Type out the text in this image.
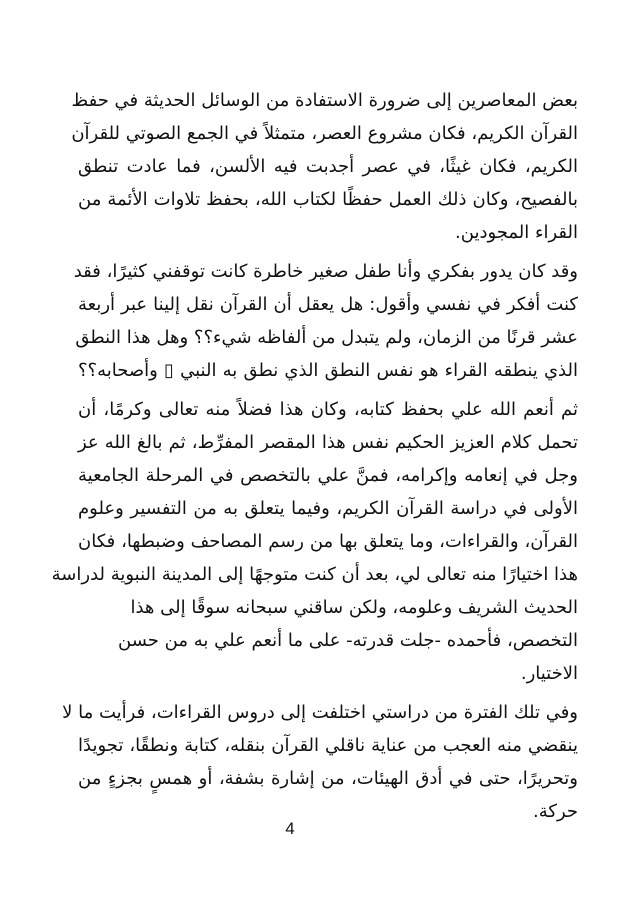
بعض المعاصرين إلى ضرورة الاستفادة من الوسائل الحديثة في حفظ
القرآن الكريم، فكان مشروع العصر، متمثلاً في الجمع الصوتي للقرآن
الكريم، فكان غيثًا، في عصر أجدبت فيه الألسن، فما عادت تنطق
بالفصيح، وكان ذلك العمل حفظًا لكتاب الله، بحفظ تلاوات الأئمة من
القراء المجودين.
وقد كان يدور بفكري وأنا طفل صغير خاطرة كانت توقفني كثيرًا، فقد
كنت أفكر في نفسي وأقول: هل يعقل أن القرآن نقل إلينا عبر أربعة
عشر قرنًا من الزمان، ولم يتبدل من ألفاظه شيء؟؟ وهل هذا النطق
الذي ينطقه القراء هو نفس النطق الذي نطق به النبي ▯ وأصحابه؟؟
ثم أنعم الله علي بحفظ كتابه، وكان هذا فضلاً منه تعالى وكرمًا، أن
تحمل كلام العزيز الحكيم نفس هذا المقصر المفرِّط، ثم بالغ الله عز
وجل في إنعامه وإكرامه، فمنَّ علي بالتخصص في المرحلة الجامعية
الأولى في دراسة القرآن الكريم، وفيما يتعلق به من التفسير وعلوم
القرآن، والقراءات، وما يتعلق بها من رسم المصاحف وضبطها، فكان
هذا اختيارًا منه تعالى لي، بعد أن كنت متوجهًا إلى المدينة النبوية لدراسة
الحديث الشريف وعلومه، ولكن ساقني سبحانه سوقًا إلى هذا
التخصص، فأحمده -جلت قدرته- على ما أنعم علي به من حسن
الاختيار.
وفي تلك الفترة من دراستي اختلفت إلى دروس القراءات، فرأيت ما لا
ينقضي منه العجب من عناية ناقلي القرآن بنقله، كتابة ونطقًا، تجويدًا
وتحريرًا، حتى في أدق الهيئات، من إشارة بشفة، أو همسٍ بجزءٍ من
حركة.
4
